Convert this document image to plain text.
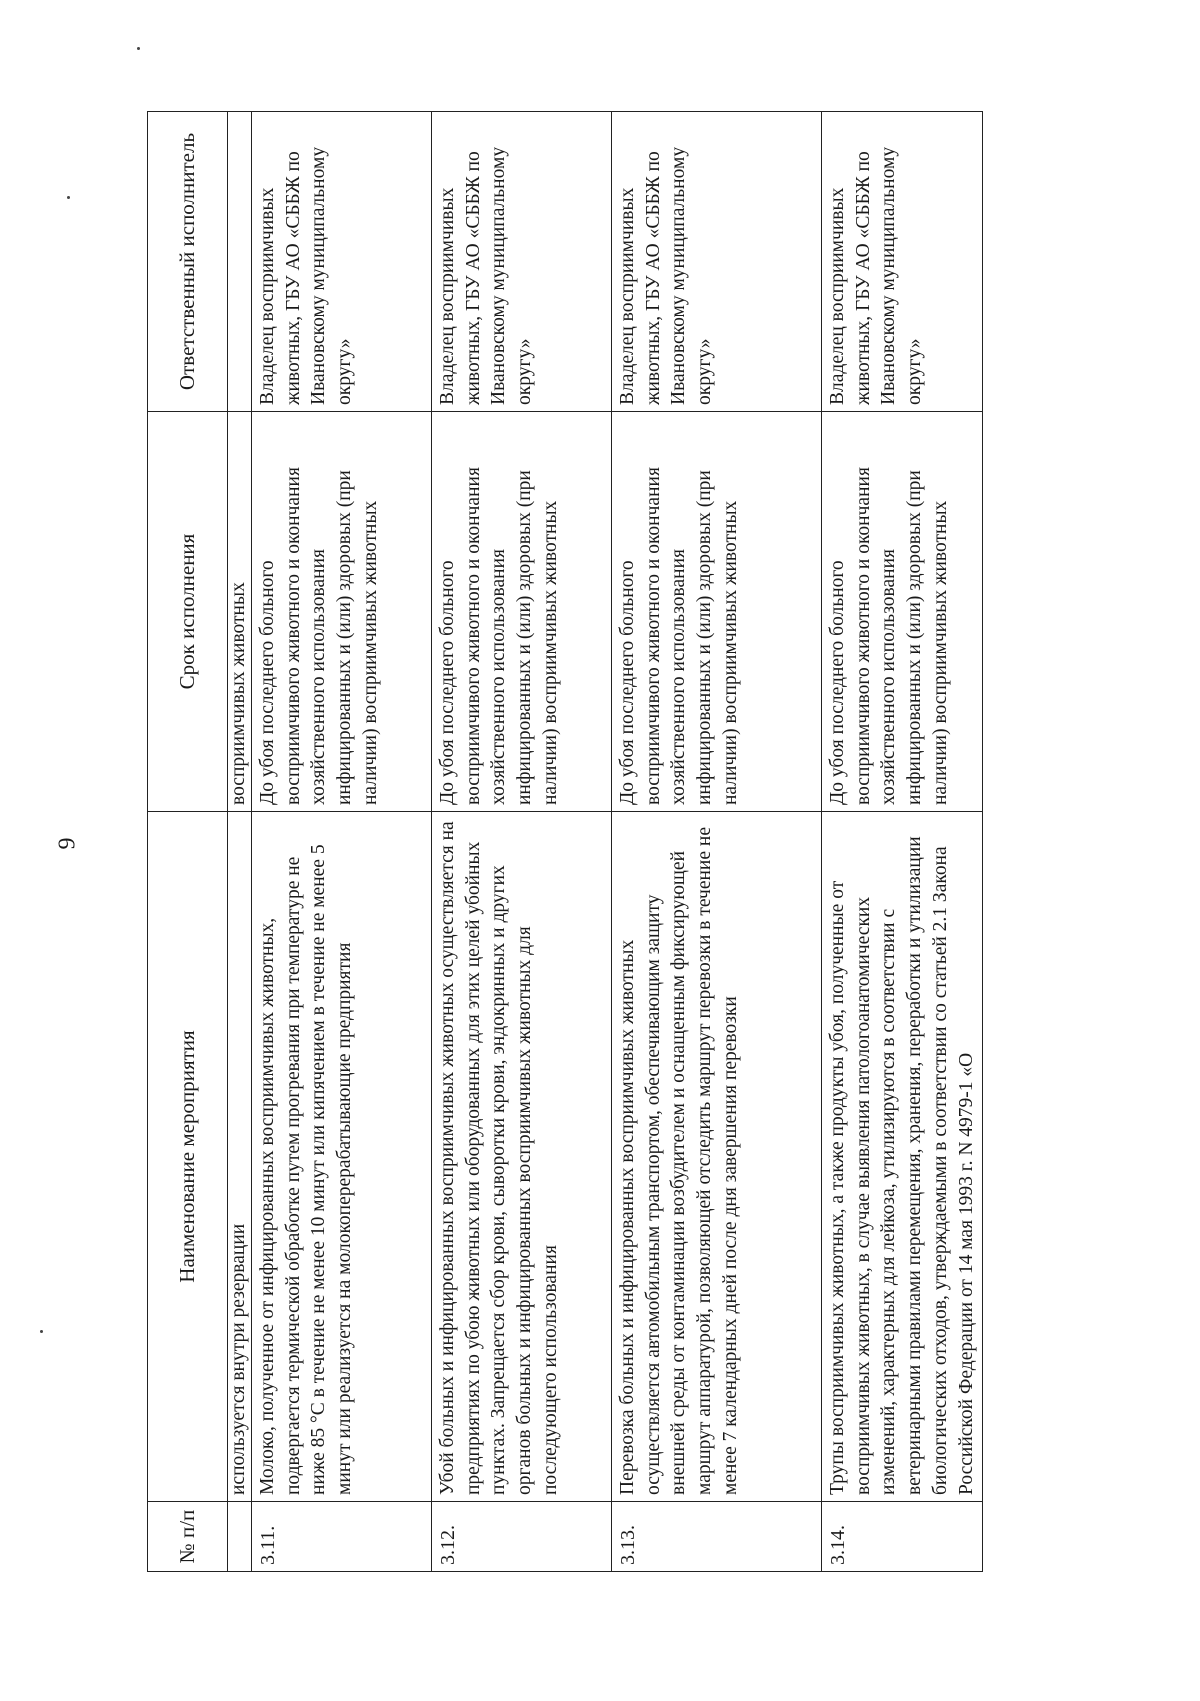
9
№ п/п	Наименование мероприятия	Срок исполнения	Ответственный исполнитель
	используется внутри резервации	восприимчивых животных	
3.11.	Молоко, полученное от инфицированных восприимчивых животных, подвергается термической обработке путем прогревания при температуре не ниже 85 °С в течение не менее 10 минут или кипячением в течение не менее 5 минут или реализуется на молокоперерабатывающие предприятия	До убоя последнего больного восприимчивого животного и окончания хозяйственного использования инфицированных и (или) здоровых (при наличии) восприимчивых животных	Владелец восприимчивых животных, ГБУ АО «СББЖ по Ивановскому муниципальному округу»
3.12.	Убой больных и инфицированных восприимчивых животных осуществляется на предприятиях по убою животных или оборудованных для этих целей убойных пунктах. Запрещается сбор крови, сыворотки крови, эндокринных и других органов больных и инфицированных восприимчивых животных для последующего использования	До убоя последнего больного восприимчивого животного и окончания хозяйственного использования инфицированных и (или) здоровых (при наличии) восприимчивых животных	Владелец восприимчивых животных, ГБУ АО «СББЖ по Ивановскому муниципальному округу»
3.13.	Перевозка больных и инфицированных восприимчивых животных осуществляется автомобильным транспортом, обеспечивающим защиту внешней среды от контаминации возбудителем и оснащенным фиксирующей маршрут аппаратурой, позволяющей отследить маршрут перевозки в течение не менее 7 календарных дней после дня завершения перевозки	До убоя последнего больного восприимчивого животного и окончания хозяйственного использования инфицированных и (или) здоровых (при наличии) восприимчивых животных	Владелец восприимчивых животных, ГБУ АО «СББЖ по Ивановскому муниципальному округу»
3.14.	Трупы восприимчивых животных, а также продукты убоя, полученные от восприимчивых животных, в случае выявления патологоанатомических изменений, характерных для лейкоза, утилизируются в соответствии с ветеринарными правилами перемещения, хранения, переработки и утилизации биологических отходов, утверждаемыми в соответствии со статьей 2.1 Закона Российской Федерации от 14 мая 1993 г. N 4979-1 «О	До убоя последнего больного восприимчивого животного и окончания хозяйственного использования инфицированных и (или) здоровых (при наличии) восприимчивых животных	Владелец восприимчивых животных, ГБУ АО «СББЖ по Ивановскому муниципальному округу»
